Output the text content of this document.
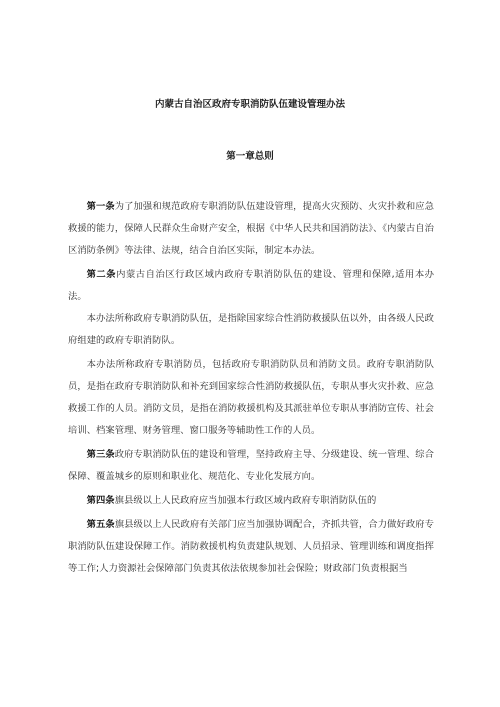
内蒙古自治区政府专职消防队伍建设管理办法
第一章总则

第一条为了加强和规范政府专职消防队伍建设管理，提高火灾预防、火灾扑救和应急救援的能力，保障人民群众生命财产安全，根据《中华人民共和国消防法》、《内蒙古自治区消防条例》等法律、法规，结合自治区实际，制定本办法。

第二条内蒙古自治区行政区域内政府专职消防队伍的建设、管理和保障,适用本办法。

本办法所称政府专职消防队伍，是指除国家综合性消防救援队伍以外，由各级人民政府组建的政府专职消防队。

本办法所称政府专职消防员，包括政府专职消防队员和消防文员。政府专职消防队员，是指在政府专职消防队和补充到国家综合性消防救援队伍，专职从事火灾扑救、应急救援工作的人员。消防文员，是指在消防救援机构及其派驻单位专职从事消防宣传、社会培训、档案管理、财务管理、窗口服务等辅助性工作的人员。

第三条政府专职消防队伍的建设和管理，坚持政府主导、分级建设、统一管理、综合保障、覆盖城乡的原则和职业化、规范化、专业化发展方向。

第四条旗县级以上人民政府应当加强本行政区域内政府专职消防队伍的

第五条旗县级以上人民政府有关部门应当加强协调配合，齐抓共管，合力做好政府专职消防队伍建设保障工作。消防救援机构负责建队规划、人员招录、管理训练和调度指挥等工作;人力资源社会保障部门负责其依法依规参加社会保险；财政部门负责根据当
